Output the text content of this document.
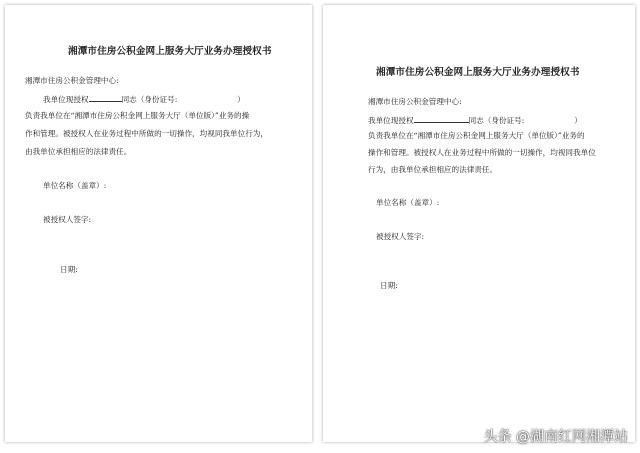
湘潭市住房公积金网上服务大厅业务办理授权书
湘潭市住房公积金管理中心:
我单位现授权	同志（身份证号:	）
负责我单位在“湘潭市住房公积金网上服务大厅（单位版）”业务的操
作和管理。被授权人在业务过程中所做的一切操作，均视同我单位行为，
由我单位承担相应的法律责任。
单位名称（盖章）:
被授权人签字:
日期:
湘潭市住房公积金网上服务大厅业务办理授权书
湘潭市住房公积金管理中心:
我单位现授权	同志（身份证号:	）
负责我单位在“湘潭市住房公积金网上服务大厅（单位版）”业务的
操作和管理。被授权人在业务过程中所做的一切操作，均视同我单位
行为，由我单位承担相应的法律责任。
单位名称（盖章）:
被授权人签字:
日期:
头条 @湖南红网湘潭站
